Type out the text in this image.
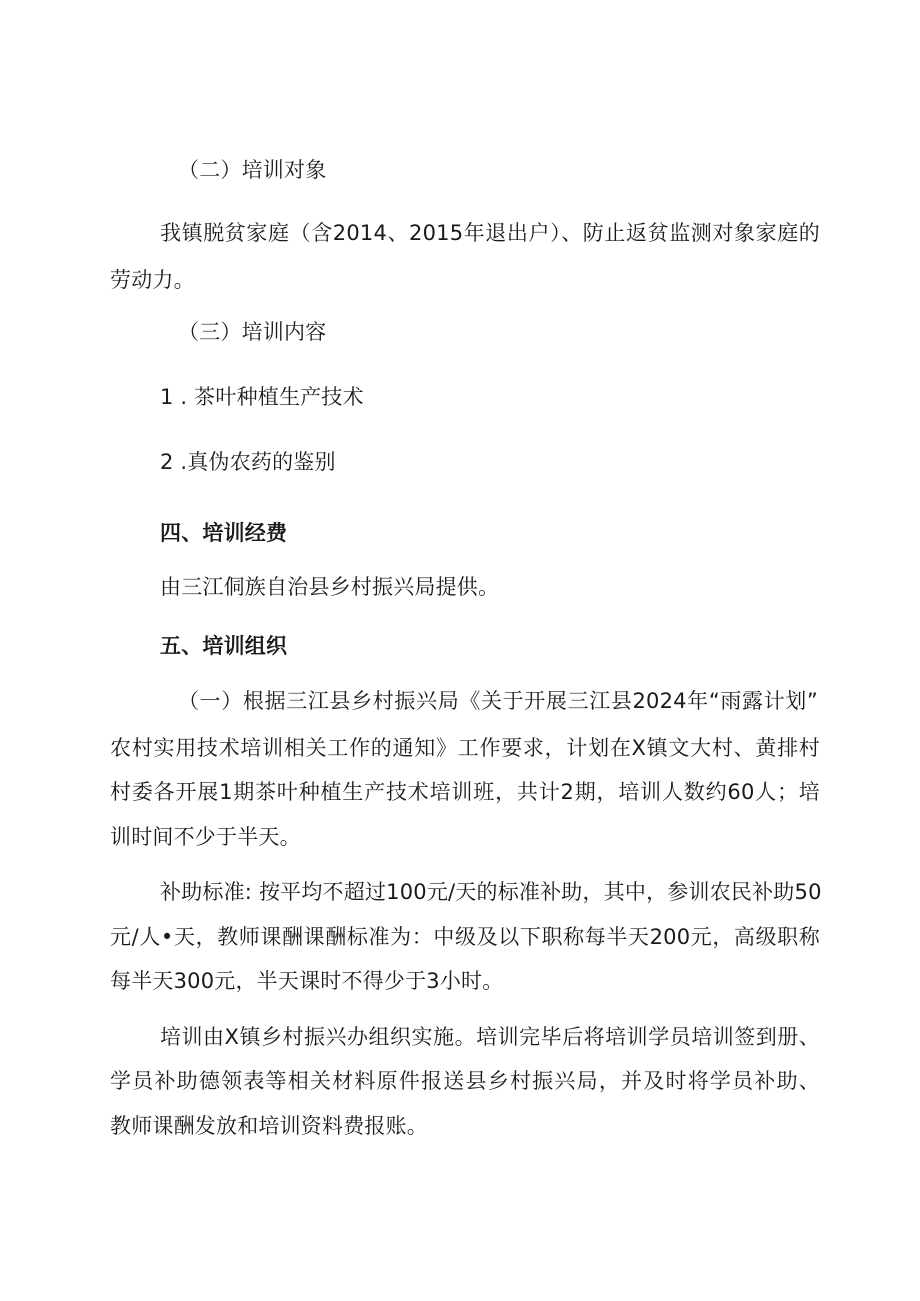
（二）培训对象
我镇脱贫家庭（含2014、2015年退出户）、防止返贫监测对象家庭的
劳动力。
（三）培训内容
1 . 茶叶种植生产技术
2 .真伪农药的鉴别
四、培训经费
由三江侗族自治县乡村振兴局提供。
五、培训组织
（一）根据三江县乡村振兴局《关于开展三江县2024年“雨露计划”
农村实用技术培训相关工作的通知》工作要求，计划在X镇文大村、黄排村
村委各开展1期茶叶种植生产技术培训班，共计2期，培训人数约60人；培
训时间不少于半天。
补助标准: 按平均不超过100元/天的标准补助，其中，参训农民补助50
元/人•天，教师课酬课酬标准为：中级及以下职称每半天200元，高级职称
每半天300元，半天课时不得少于3小时。
培训由X镇乡村振兴办组织实施。培训完毕后将培训学员培训签到册、
学员补助德领表等相关材料原件报送县乡村振兴局，并及时将学员补助、
教师课酬发放和培训资料费报账。
